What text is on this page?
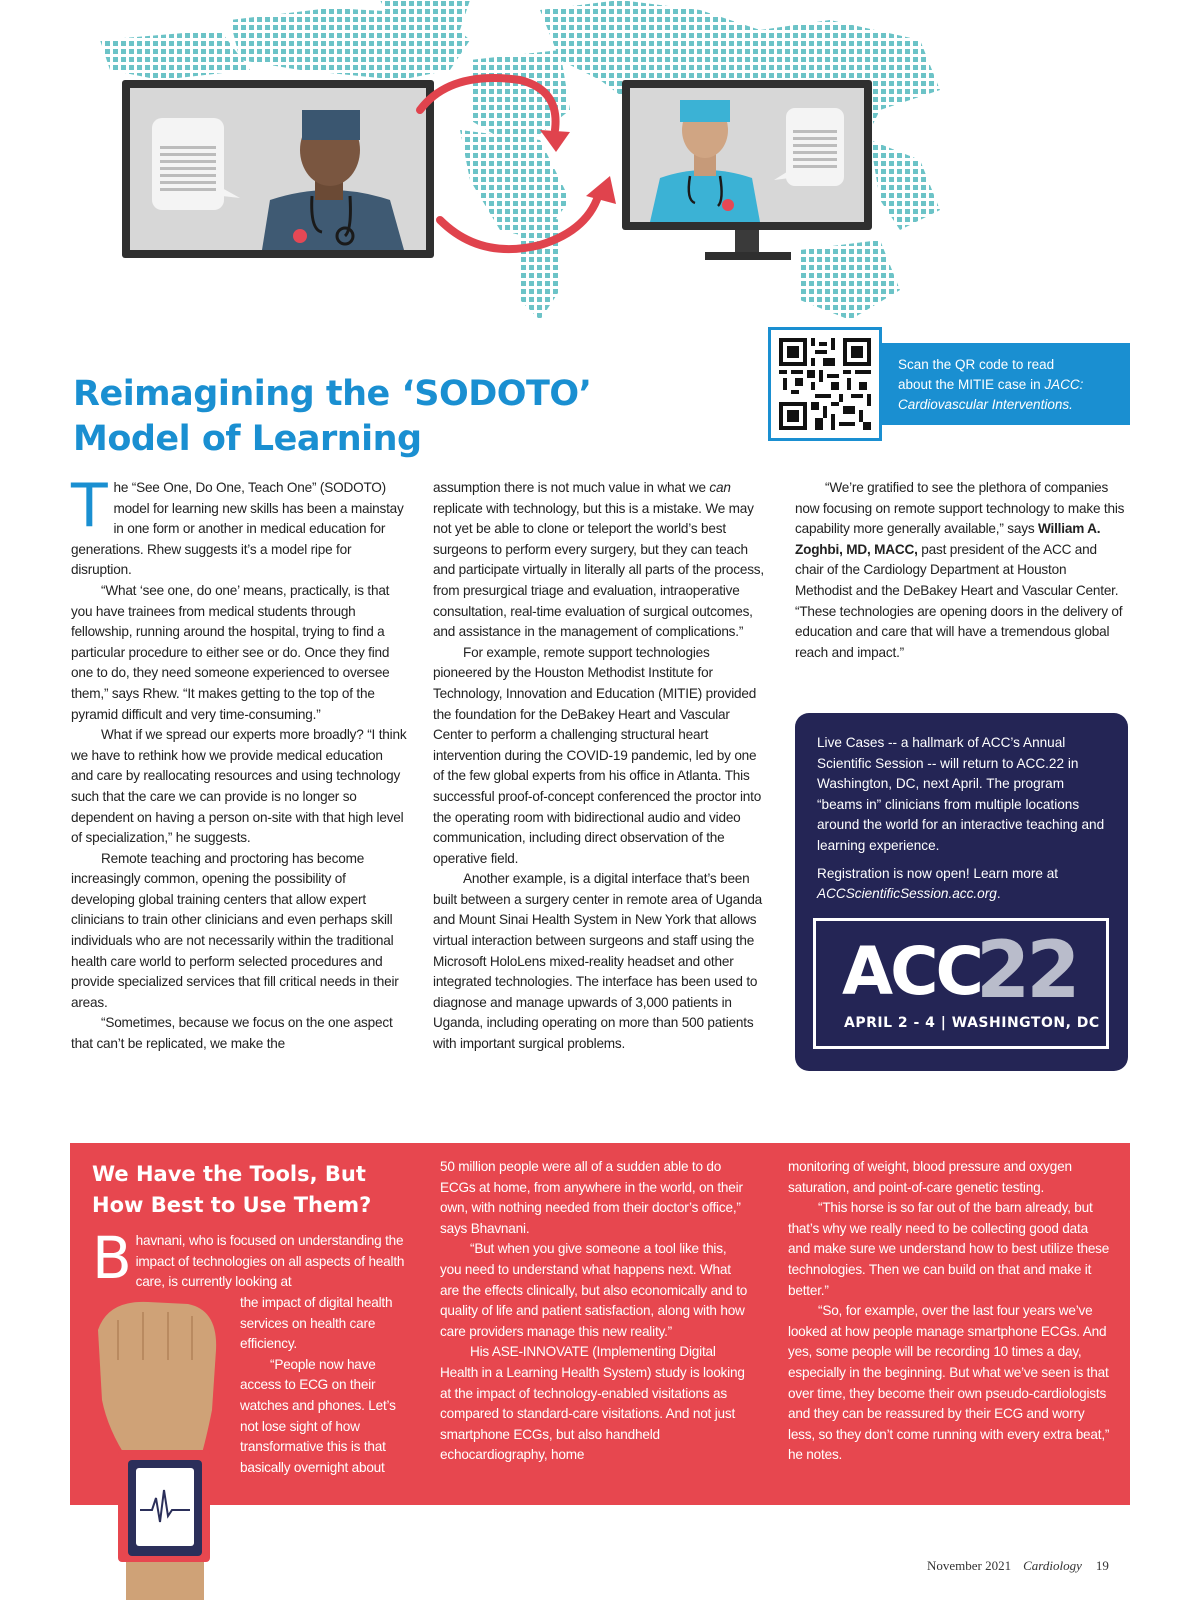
Scan the QR code to read
about the MITIE case in JACC: Cardiovascular Interventions.
Reimagining the ‘SODOTO’
Model of Learning

The “See One, Do One, Teach One” (SODOTO) model for learning new skills has been a mainstay in one form or another in medical education for generations. Rhew suggests it’s a model ripe for disruption.

“What ‘see one, do one’ means, practically, is that you have trainees from medical students through fellowship, running around the hospital, trying to find a particular procedure to either see or do. Once they find one to do, they need someone experienced to oversee them,” says Rhew. “It makes getting to the top of the pyramid difficult and very time-consuming.”

What if we spread our experts more broadly? “I think we have to rethink how we provide medical education and care by reallocating resources and using technology such that the care we can provide is no longer so dependent on having a person on-site with that high level of specialization,” he suggests.

Remote teaching and proctoring has become increasingly common, opening the possibility of developing global training centers that allow expert clinicians to train other clinicians and even perhaps skill individuals who are not necessarily within the traditional health care world to perform selected procedures and provide specialized services that fill critical needs in their areas.

“Sometimes, because we focus on the one aspect that can’t be replicated, we make the

assumption there is not much value in what we can replicate with technology, but this is a mistake. We may not yet be able to clone or teleport the world’s best surgeons to perform every surgery, but they can teach and participate virtually in literally all parts of the process, from presurgical triage and evaluation, intraoperative consultation, real-time evaluation of surgical outcomes, and assistance in the management of complications.”

For example, remote support technologies pioneered by the Houston Methodist Institute for Technology, Innovation and Education (MITIE) provided the foundation for the DeBakey Heart and Vascular Center to perform a challenging structural heart intervention during the COVID-19 pandemic, led by one of the few global experts from his office in Atlanta. This successful proof-of-concept conferenced the proctor into the operating room with bidirectional audio and video communication, including direct observation of the operative field.

Another example, is a digital interface that’s been built between a surgery center in remote area of Uganda and Mount Sinai Health System in New York that allows virtual interaction between surgeons and staff using the Microsoft HoloLens mixed-reality headset and other integrated technologies. The interface has been used to diagnose and manage upwards of 3,000 patients in Uganda, including operating on more than 500 patients with important surgical problems.

“We’re gratified to see the plethora of companies now focusing on remote support technology to make this capability more generally available,” says William A. Zoghbi, MD, MACC, past president of the ACC and chair of the Cardiology Department at Houston Methodist and the DeBakey Heart and Vascular Center. “These technologies are opening doors in the delivery of education and care that will have a tremendous global reach and impact.”

Live Cases -- a hallmark of ACC’s Annual Scientific Session -- will return to ACC.22 in Washington, DC, next April. The program “beams in” clinicians from multiple locations around the world for an interactive teaching and learning experience.

Registration is now open! Learn more at ACCScientificSession.acc.org.

ACC
22
APRIL 2 - 4 | WASHINGTON, DC
We Have the Tools, But
How Best to Use Them?

Bhavnani, who is focused on understanding the impact of technologies on all aspects of health care, is currently looking at

the impact of digital health services on health care efficiency.

“People now have access to ECG on their watches and phones. Let’s not lose sight of how transformative this is that basically overnight about

50 million people were all of a sudden able to do ECGs at home, from anywhere in the world, on their own, with nothing needed from their doctor’s office,” says Bhavnani.

“But when you give someone a tool like this, you need to understand what happens next. What are the effects clinically, but also economically and to quality of life and patient satisfaction, along with how care providers manage this new reality.”

His ASE-INNOVATE (Implementing Digital Health in a Learning Health System) study is looking at the impact of technology-enabled visitations as compared to standard-care visitations. And not just smartphone ECGs, but also handheld echocardiography, home

monitoring of weight, blood pressure and oxygen saturation, and point-of-care genetic testing.

“This horse is so far out of the barn already, but that’s why we really need to be collecting good data and make sure we understand how to best utilize these technologies. Then we can build on that and make it better.”

“So, for example, over the last four years we’ve looked at how people manage smartphone ECGs. And yes, some people will be recording 10 times a day, especially in the beginning. But what we’ve seen is that over time, they become their own pseudo-cardiologists and they can be reassured by their ECG and worry less, so they don’t come running with every extra beat,” he notes.

November 2021 Cardiology 19
